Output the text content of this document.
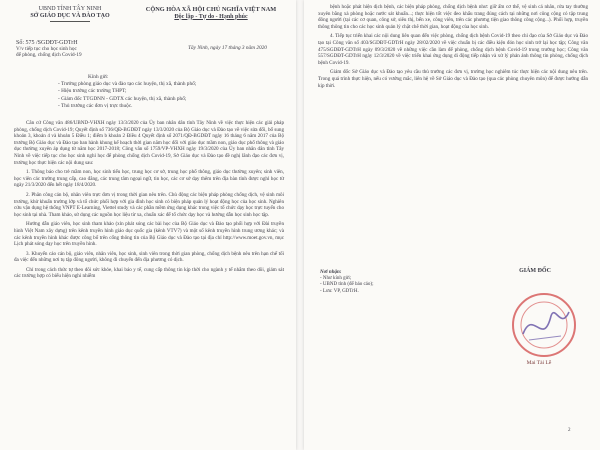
UBND TỈNH TÂY NINH
SỞ GIÁO DỤC VÀ ĐÀO TẠO
CỘNG HÒA XÃ HỘI CHỦ NGHĨA VIỆT NAM
Độc lập - Tự do - Hạnh phúc
Số: 575 /SGDĐT-GDTrH
V/v tiếp tục cho học sinh học
để phòng, chống dịch Covid-19
Tây Ninh, ngày 17 tháng 3 năm 2020
Kính gửi:
- Trưởng phòng giáo dục và đào tạo các huyện, thị xã, thành phố;
- Hiệu trưởng các trường THPT;
- Giám đốc TTGDNN - GDTX các huyện, thị xã, thành phố;
- Thủ trưởng các đơn vị trực thuộc.

Căn cứ Công văn 486/UBND-VHXH ngày 13/3/2020 của Ủy ban nhân dân tỉnh Tây Ninh về việc thực hiện các giải pháp phòng, chống dịch Covid-19; Quyết định số 736/QĐ-BGDĐT ngày 13/3/2020 của Bộ Giáo dục và Đào tạo về việc sửa đổi, bổ sung khoản 3, khoản 4 và khoản 5 Điều 1; điểm b khoản 2 Điều 4 Quyết định số 2071/QĐ-BGDĐT ngày 16 tháng 6 năm 2017 của Bộ trưởng Bộ Giáo dục và Đào tạo ban hành khung kế hoạch thời gian năm học đối với giáo dục mầm non, giáo dục phổ thông và giáo dục thường xuyên áp dụng từ năm học 2017-2018; Công văn số 1759/VP-VHXH ngày 19/3/2020 của Ủy ban nhân dân tỉnh Tây Ninh về việc tiếp tục cho học sinh nghỉ học để phòng chống dịch Covid-19, Sở Giáo dục và Đào tạo đề nghị lãnh đạo các đơn vị, trường học thực hiện các nội dung sau:

1. Thông báo cho trẻ mầm non, học sinh tiểu học, trung học cơ sở, trung học phổ thông, giáo dục thường xuyên; sinh viên, học viên các trường trung cấp, cao đẳng, các trung tâm ngoại ngữ, tin học, các cơ sở dạy thêm trên địa bàn tỉnh được nghỉ học từ ngày 21/3/2020 đến hết ngày 18/4/2020.

2. Phân công cán bộ, nhân viên trực đơn vị trong thời gian nêu trên. Chủ động các biện pháp phòng chống dịch, vệ sinh môi trường, khử khuẩn trường lớp và tổ chức phối hợp với gia đình học sinh có biện pháp quản lý hoạt động học của học sinh. Nghiên cứu vận dụng hệ thống VNPT E-Learning, Viettel study và các phần mềm ứng dụng khác trong việc tổ chức dạy học trực tuyến cho học sinh tại nhà. Tham khảo, sử dụng các nguồn học liệu từ xa, chuẩn xác để tổ chức dạy học và hướng dẫn học sinh học tập.

Hướng dẫn giáo viên, học sinh tham khảo (xỉn phát sóng các bài học của Bộ Giáo dục và Đào tạo phối hợp với Đài truyền hình Việt Nam xây dựng) trên kênh truyền hình giáo dục quốc gia (kênh VTV7) và một số kênh truyền hình trung ương khác; và các kênh truyền hình khác được công bố trên cổng thông tin của Bộ Giáo dục và Đào tạo tại địa chỉ http://www.moet.gov.vn, mục Lịch phát sóng dạy học trên truyền hình.

3. Khuyến cáo cán bộ, giáo viên, nhân viên, học sinh, sinh viên trong thời gian phòng, chống dịch bệnh nêu trên hạn chế tối đa việc đến những nơi tụ tập đông người, không đi chuyển đến địa phương có dịch.

Chỉ trong cách thức tự theo dõi sức khỏe, khai báo y tế, cung cấp thông tin kịp thời cho ngành y tế nhằm theo dõi, giám sát các trường hợp có biểu hiện nghi nhiễm

bệnh hoặc phát hiện dịch bệnh, các biện pháp phòng, chống dịch bệnh như: giữ ấm cơ thể, vệ sinh cá nhân, rửa tay thường xuyên bằng xà phòng hoặc nước sát khuẩn...; thực hiện tốt việc đeo khẩu trang đúng cách tại những nơi công cộng có tập trung đông người (tại các cơ quan, công sở, siêu thị, bến xe, công viên, trên các phương tiện giao thông công cộng...). Phối hợp, truyền thông thông tin cho các học sinh quản lý chặt chẽ thời gian, hoạt động của học sinh.

4. Tiếp tục triển khai các nội dung liên quan đến việc phòng, chống dịch bệnh Covid-19 theo chỉ đạo của Sở Giáo dục và Đào tạo tại Công văn số 403/SGDĐT-GDTrH ngày 28/02/2020 về việc chuẩn bị các điều kiện đón học sinh trở lại học tập; Công văn 475/SGDĐT-GDTrH ngày 09/3/2020 về những việc cần làm để phòng, chống dịch bệnh Covid-19 trong trường học; Công văn 557/SGDĐT-GDTrH ngày 12/3/2020 về việc triển khai ứng dụng di động tiếp nhận và xử lý phản ánh thông tin phòng, chống dịch bệnh Covid-19.

Giám đốc Sở Giáo dục và Đào tạo yêu cầu thủ trưởng các đơn vị, trường học nghiêm túc thực hiện các nội dung nêu trên. Trong quá trình thực hiện, nếu có vướng mắc, liên hệ về Sở Giáo dục và Đào tạo (qua các phòng chuyên môn) để được hướng dẫn kịp thời.

Nơi nhận:
- Như kính gửi;
- UBND tỉnh (để báo cáo);
- Lưu: VP, GDTrH.
GIÁM ĐỐC
Mai Tài Lễ
2
